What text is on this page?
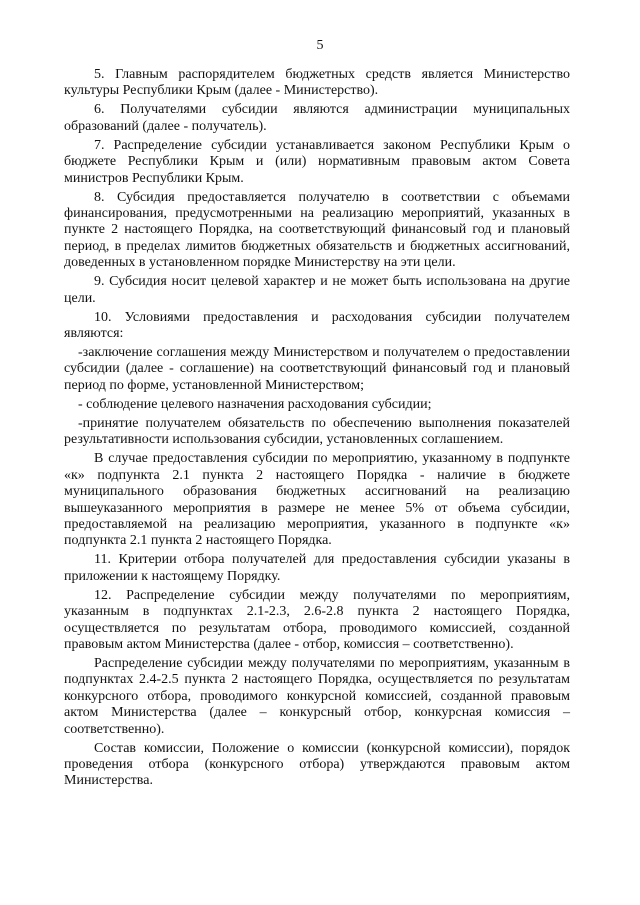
5

5. Главным распорядителем бюджетных средств является Министерство культуры Республики Крым (далее - Министерство).

6. Получателями субсидии являются администрации муниципальных образований (далее - получатель).

7. Распределение субсидии устанавливается законом Республики Крым о бюджете Республики Крым и (или) нормативным правовым актом Совета министров Республики Крым.

8. Субсидия предоставляется получателю в соответствии с объемами финансирования, предусмотренными на реализацию мероприятий, указанных в пункте 2 настоящего Порядка, на соответствующий финансовый год и плановый период, в пределах лимитов бюджетных обязательств и бюджетных ассигнований, доведенных в установленном порядке Министерству на эти цели.

9. Субсидия носит целевой характер и не может быть использована на другие цели.

10. Условиями предоставления и расходования субсидии получателем являются:

-заключение соглашения между Министерством и получателем о предоставлении субсидии (далее - соглашение) на соответствующий финансовый год и плановый период по форме, установленной Министерством;

- соблюдение целевого назначения расходования субсидии;

-принятие получателем обязательств по обеспечению выполнения показателей результативности использования субсидии, установленных соглашением.

В случае предоставления субсидии по мероприятию, указанному в подпункте «к» подпункта 2.1 пункта 2 настоящего Порядка - наличие в бюджете муниципального образования бюджетных ассигнований на реализацию вышеуказанного мероприятия в размере не менее 5% от объема субсидии, предоставляемой на реализацию мероприятия, указанного в подпункте «к» подпункта 2.1 пункта 2 настоящего Порядка.

11. Критерии отбора получателей для предоставления субсидии указаны в приложении к настоящему Порядку.

12. Распределение субсидии между получателями по мероприятиям, указанным в подпунктах 2.1-2.3, 2.6-2.8 пункта 2 настоящего Порядка, осуществляется по результатам отбора, проводимого комиссией, созданной правовым актом Министерства (далее - отбор, комиссия – соответственно).

Распределение субсидии между получателями по мероприятиям, указанным в подпунктах 2.4-2.5 пункта 2 настоящего Порядка, осуществляется по результатам конкурсного отбора, проводимого конкурсной комиссией, созданной правовым актом Министерства (далее – конкурсный отбор, конкурсная комиссия – соответственно).

Состав комиссии, Положение о комиссии (конкурсной комиссии), порядок проведения отбора (конкурсного отбора) утверждаются правовым актом Министерства.
